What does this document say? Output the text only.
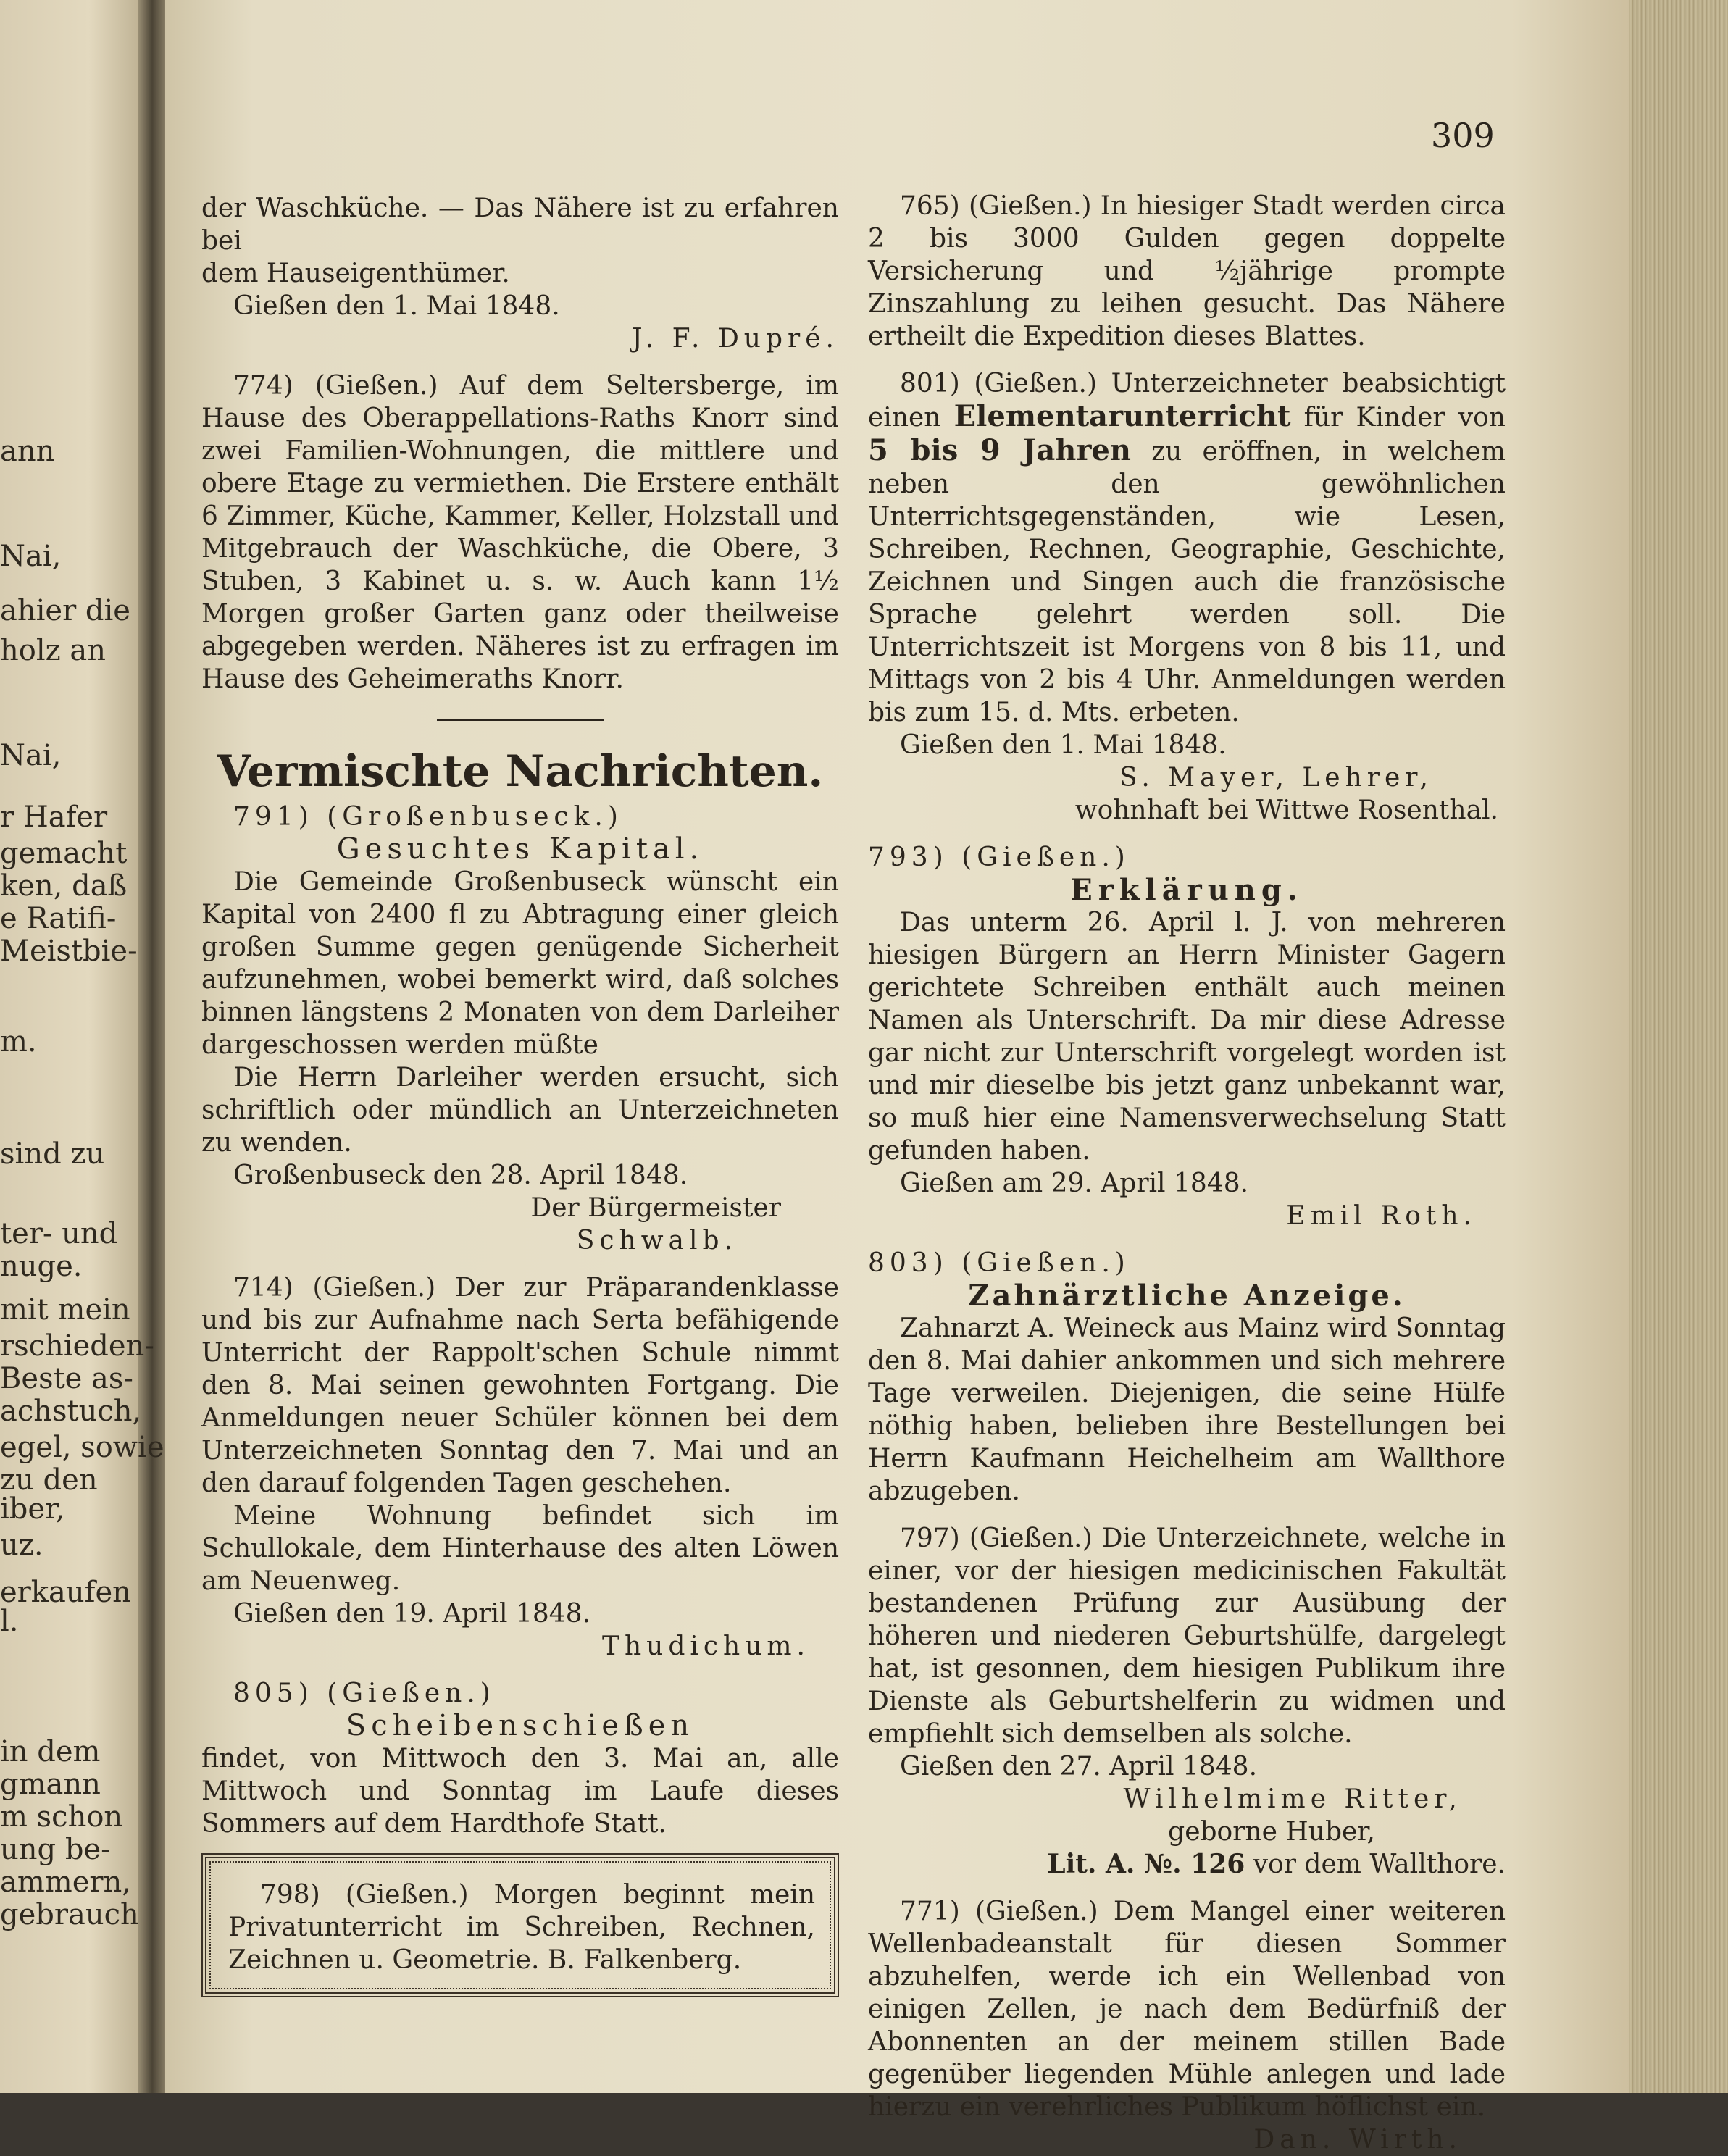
ann
Nai,
ahier die
holz an
Nai,
r Hafer
gemacht
ken, daß
e Ratifi-
Meistbie-
m.
sind zu
ter- und
nuge.
mit mein
rschieden-
Beste as-
achstuch,
egel, sowie
zu den
iber,
uz.
erkaufen
l.
in dem
gmann
m schon
ung be-
ammern,
gebrauch
309

der Waschküche. — Das Nähere ist zu erfahren bei

dem Hauseigenthümer.

Gießen den 1. Mai 1848.

J. F. Dupré.

774) (Gießen.) Auf dem Seltersberge, im Hause des Oberappellations-Raths Knorr sind zwei Familien-Wohnungen, die mittlere und obere Etage zu vermiethen. Die Erstere enthält 6 Zimmer, Küche, Kammer, Keller, Holzstall und Mitgebrauch der Waschküche, die Obere, 3 Stuben, 3 Kabinet u. s. w. Auch kann 1½ Morgen großer Garten ganz oder theilweise abgegeben werden. Näheres ist zu erfragen im Hause des Geheimeraths Knorr.

Vermischte Nachrichten.

791) (Großenbuseck.)

Gesuchtes Kapital.

Die Gemeinde Großenbuseck wünscht ein Kapital von 2400 fl zu Abtragung einer gleich großen Summe gegen genügende Sicherheit aufzunehmen, wobei bemerkt wird, daß solches binnen längstens 2 Monaten von dem Darleiher dargeschossen werden müßte

Die Herrn Darleiher werden ersucht, sich schriftlich oder mündlich an Unterzeichneten zu wenden.

Großenbuseck den 28. April 1848.

Der Bürgermeister

Schwalb.

714) (Gießen.) Der zur Präparandenklasse und bis zur Aufnahme nach Serta befähigende Unterricht der Rappolt'schen Schule nimmt den 8. Mai seinen gewohnten Fortgang. Die Anmeldungen neuer Schüler können bei dem Unterzeichneten Sonntag den 7. Mai und an den darauf folgenden Tagen geschehen.

Meine Wohnung befindet sich im Schullokale, dem Hinterhause des alten Löwen am Neuenweg.

Gießen den 19. April 1848.

Thudichum.

805) (Gießen.)

Scheibenschießen

findet, von Mittwoch den 3. Mai an, alle Mittwoch und Sonntag im Laufe dieses Sommers auf dem Hardthofe Statt.

798) (Gießen.) Morgen beginnt mein Privatunterricht im Schreiben, Rechnen, Zeichnen u. Geometrie. B. Falkenberg.

765) (Gießen.) In hiesiger Stadt werden circa 2 bis 3000 Gulden gegen doppelte Versicherung und ½jährige prompte Zinszahlung zu leihen gesucht. Das Nähere ertheilt die Expedition dieses Blattes.

801) (Gießen.) Unterzeichneter beabsichtigt einen Elementarunterricht für Kinder von 5 bis 9 Jahren zu eröffnen, in welchem neben den gewöhnlichen Unterrichtsgegenständen, wie Lesen, Schreiben, Rechnen, Geographie, Geschichte, Zeichnen und Singen auch die französische Sprache gelehrt werden soll. Die Unterrichtszeit ist Morgens von 8 bis 11, und Mittags von 2 bis 4 Uhr. Anmeldungen werden bis zum 15. d. Mts. erbeten.

Gießen den 1. Mai 1848.

S. Mayer, Lehrer,

wohnhaft bei Wittwe Rosenthal.

793) (Gießen.)

Erklärung.

Das unterm 26. April l. J. von mehreren hiesigen Bürgern an Herrn Minister Gagern gerichtete Schreiben enthält auch meinen Namen als Unterschrift. Da mir diese Adresse gar nicht zur Unterschrift vorgelegt worden ist und mir dieselbe bis jetzt ganz unbekannt war, so muß hier eine Namensverwechselung Statt gefunden haben.

Gießen am 29. April 1848.

Emil Roth.

803) (Gießen.)

Zahnärztliche Anzeige.

Zahnarzt A. Weineck aus Mainz wird Sonntag den 8. Mai dahier ankommen und sich mehrere Tage verweilen. Diejenigen, die seine Hülfe nöthig haben, belieben ihre Bestellungen bei Herrn Kaufmann Heichelheim am Wallthore abzugeben.

797) (Gießen.) Die Unterzeichnete, welche in einer, vor der hiesigen medicinischen Fakultät bestandenen Prüfung zur Ausübung der höheren und niederen Geburtshülfe, dargelegt hat, ist gesonnen, dem hiesigen Publikum ihre Dienste als Geburtshelferin zu widmen und empfiehlt sich demselben als solche.

Gießen den 27. April 1848.

Wilhelmime Ritter,

geborne Huber,

Lit. A. №. 126 vor dem Wallthore.

771) (Gießen.) Dem Mangel einer weiteren Wellenbadeanstalt für diesen Sommer abzuhelfen, werde ich ein Wellenbad von einigen Zellen, je nach dem Bedürfniß der Abonnenten an der meinem stillen Bade gegenüber liegenden Mühle anlegen und lade hierzu ein verehrliches Publikum höflichst ein.

Dan. Wirth.
